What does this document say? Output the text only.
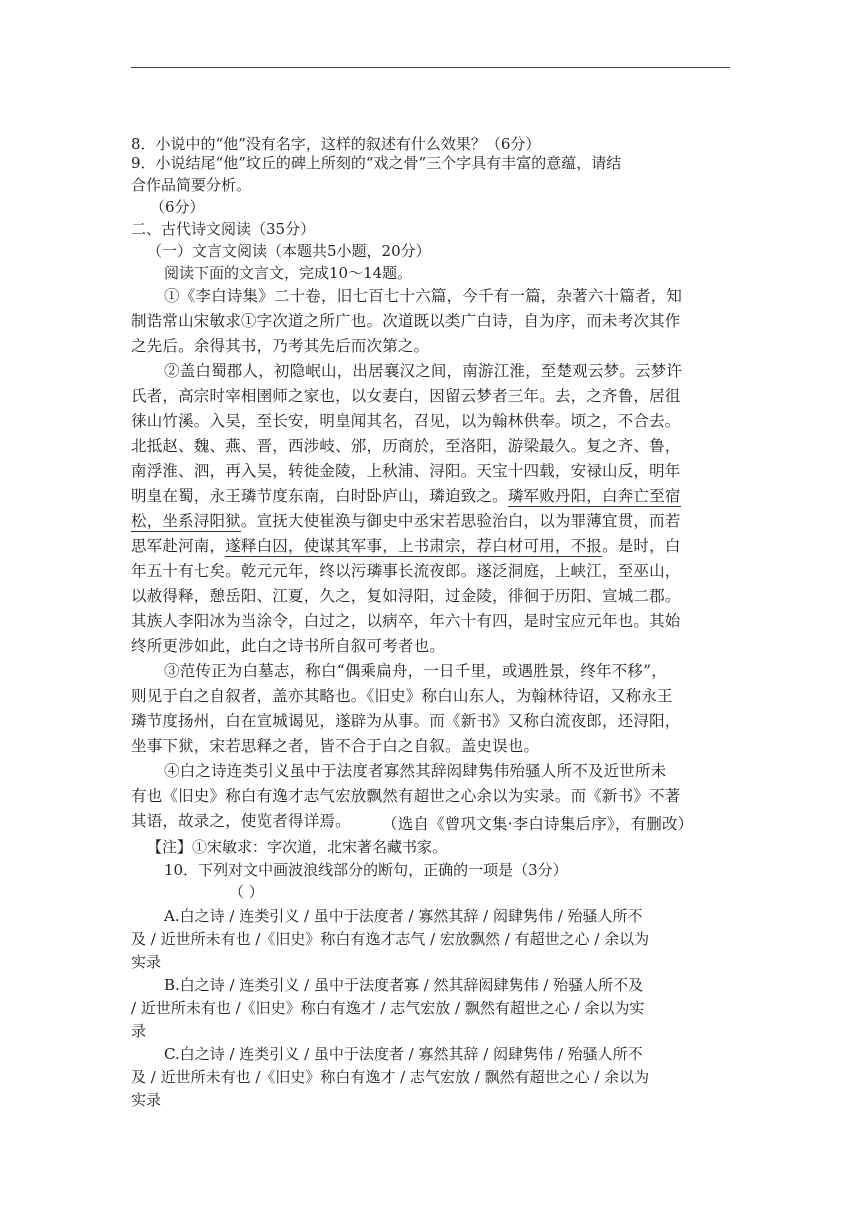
8．小说中的“他”没有名字，这样的叙述有什么效果？（6分）
9．小说结尾“他”坟丘的碑上所刻的“戏之骨”三个字具有丰富的意蕴，请结
合作品简要分析。
（6分）
二、古代诗文阅读（35分）
（一）文言文阅读（本题共5小题，20分）
阅读下面的文言文，完成10～14题。
①《李白诗集》二十卷，旧七百七十六篇，今千有一篇，杂著六十篇者，知
制诰常山宋敏求①字次道之所广也。次道既以类广白诗，自为序，而未考次其作
之先后。余得其书，乃考其先后而次第之。
②盖白蜀郡人，初隐岷山，出居襄汉之间，南游江淮，至楚观云梦。云梦许
氏者，高宗时宰相圉师之家也，以女妻白，因留云梦者三年。去，之齐鲁，居徂
徕山竹溪。入吴，至长安，明皇闻其名，召见，以为翰林供奉。顷之，不合去。
北抵赵、魏、燕、晋，西涉岐、邠，历商於，至洛阳，游梁最久。复之齐、鲁，
南浮淮、泗，再入吴，转徙金陵，上秋浦、浔阳。天宝十四载，安禄山反，明年
明皇在蜀，永王璘节度东南，白时卧庐山，璘迫致之。璘军败丹阳，白奔亡至宿
松，坐系浔阳狱。宣抚大使崔涣与御史中丞宋若思验治白，以为罪薄宜贯，而若
思军赴河南，遂释白囚，使谋其军事，上书肃宗，荐白材可用，不报。是时，白
年五十有七矣。乾元元年，终以污璘事长流夜郎。遂泛洞庭，上峡江，至巫山，
以赦得释，憩岳阳、江夏，久之，复如浔阳，过金陵，徘徊于历阳、宣城二郡。
其族人李阳冰为当涂令，白过之，以病卒，年六十有四，是时宝应元年也。其始
终所更涉如此，此白之诗书所自叙可考者也。
③范传正为白墓志，称白“偶乘扁舟，一日千里，或遇胜景，终年不移”，
则见于白之自叙者，盖亦其略也。《旧史》称白山东人，为翰林待诏，又称永王
璘节度扬州，白在宣城谒见，遂辟为从事。而《新书》又称白流夜郎，还浔阳，
坐事下狱，宋若思释之者，皆不合于白之自叙。盖史误也。
④白之诗连类引义虽中于法度者寡然其辞闳肆隽伟殆骚人所不及近世所未
有也《旧史》称白有逸才志气宏放飘然有超世之心余以为实录。而《新书》不著
其语，故录之，使览者得详焉。 （选自《曾巩文集·李白诗集后序》，有删改）
【注】①宋敏求：字次道，北宋著名藏书家。
10．下列对文中画波浪线部分的断句，正确的一项是（3分）
（ ）
A.白之诗 / 连类引义 / 虽中于法度者 / 寡然其辞 / 闳肆隽伟 / 殆骚人所不
及 / 近世所未有也 /《旧史》称白有逸才志气 / 宏放飘然 / 有超世之心 / 余以为
实录
B.白之诗 / 连类引义 / 虽中于法度者寡 / 然其辞闳肆隽伟 / 殆骚人所不及
/ 近世所未有也 /《旧史》称白有逸才 / 志气宏放 / 飘然有超世之心 / 余以为实
录
C.白之诗 / 连类引义 / 虽中于法度者 / 寡然其辞 / 闳肆隽伟 / 殆骚人所不
及 / 近世所未有也 /《旧史》称白有逸才 / 志气宏放 / 飘然有超世之心 / 余以为
实录
